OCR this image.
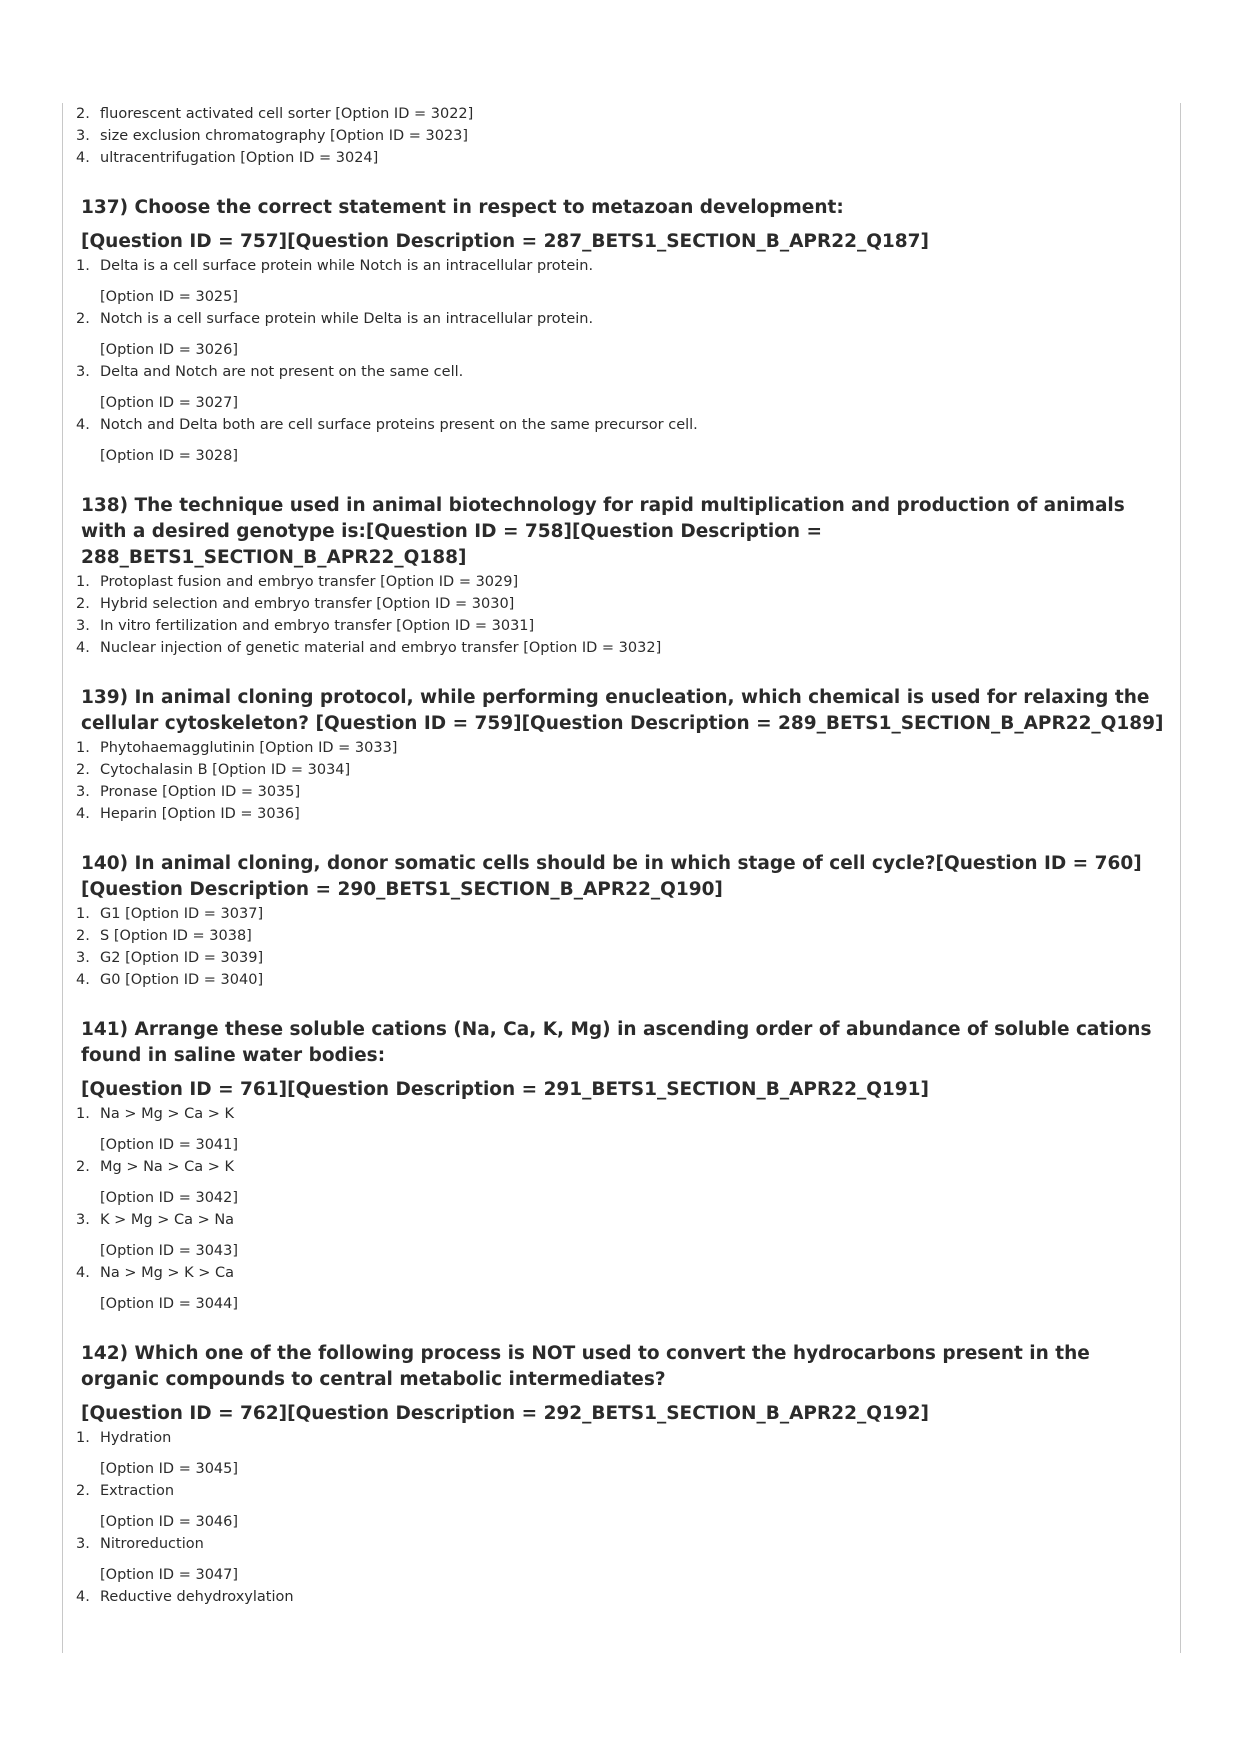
2. fluorescent activated cell sorter [Option ID = 3022]
3. size exclusion chromatography [Option ID = 3023]
4. ultracentrifugation [Option ID = 3024]

137) Choose the correct statement in respect to metazoan development:

[Question ID = 757][Question Description = 287_BETS1_SECTION_B_APR22_Q187]

1. Delta is a cell surface protein while Notch is an intracellular protein.
[Option ID = 3025]
2. Notch is a cell surface protein while Delta is an intracellular protein.
[Option ID = 3026]
3. Delta and Notch are not present on the same cell.
[Option ID = 3027]
4. Notch and Delta both are cell surface proteins present on the same precursor cell.
[Option ID = 3028]

138) The technique used in animal biotechnology for rapid multiplication and production of animals with a desired genotype is:[Question ID = 758][Question Description = 288_BETS1_SECTION_B_APR22_Q188]

1. Protoplast fusion and embryo transfer [Option ID = 3029]
2. Hybrid selection and embryo transfer [Option ID = 3030]
3. In vitro fertilization and embryo transfer [Option ID = 3031]
4. Nuclear injection of genetic material and embryo transfer [Option ID = 3032]

139) In animal cloning protocol, while performing enucleation, which chemical is used for relaxing the cellular cytoskeleton? [Question ID = 759][Question Description = 289_BETS1_SECTION_B_APR22_Q189]

1. Phytohaemagglutinin [Option ID = 3033]
2. Cytochalasin B [Option ID = 3034]
3. Pronase [Option ID = 3035]
4. Heparin [Option ID = 3036]

140) In animal cloning, donor somatic cells should be in which stage of cell cycle?[Question ID = 760][Question Description = 290_BETS1_SECTION_B_APR22_Q190]

1. G1 [Option ID = 3037]
2. S [Option ID = 3038]
3. G2 [Option ID = 3039]
4. G0 [Option ID = 3040]

141) Arrange these soluble cations (Na, Ca, K, Mg) in ascending order of abundance of soluble cations found in saline water bodies:

[Question ID = 761][Question Description = 291_BETS1_SECTION_B_APR22_Q191]

1. Na > Mg > Ca > K
[Option ID = 3041]
2. Mg > Na > Ca > K
[Option ID = 3042]
3. K > Mg > Ca > Na
[Option ID = 3043]
4. Na > Mg > K > Ca
[Option ID = 3044]

142) Which one of the following process is NOT used to convert the hydrocarbons present in the organic compounds to central metabolic intermediates?

[Question ID = 762][Question Description = 292_BETS1_SECTION_B_APR22_Q192]

1. Hydration
[Option ID = 3045]
2. Extraction
[Option ID = 3046]
3. Nitroreduction
[Option ID = 3047]
4. Reductive dehydroxylation
